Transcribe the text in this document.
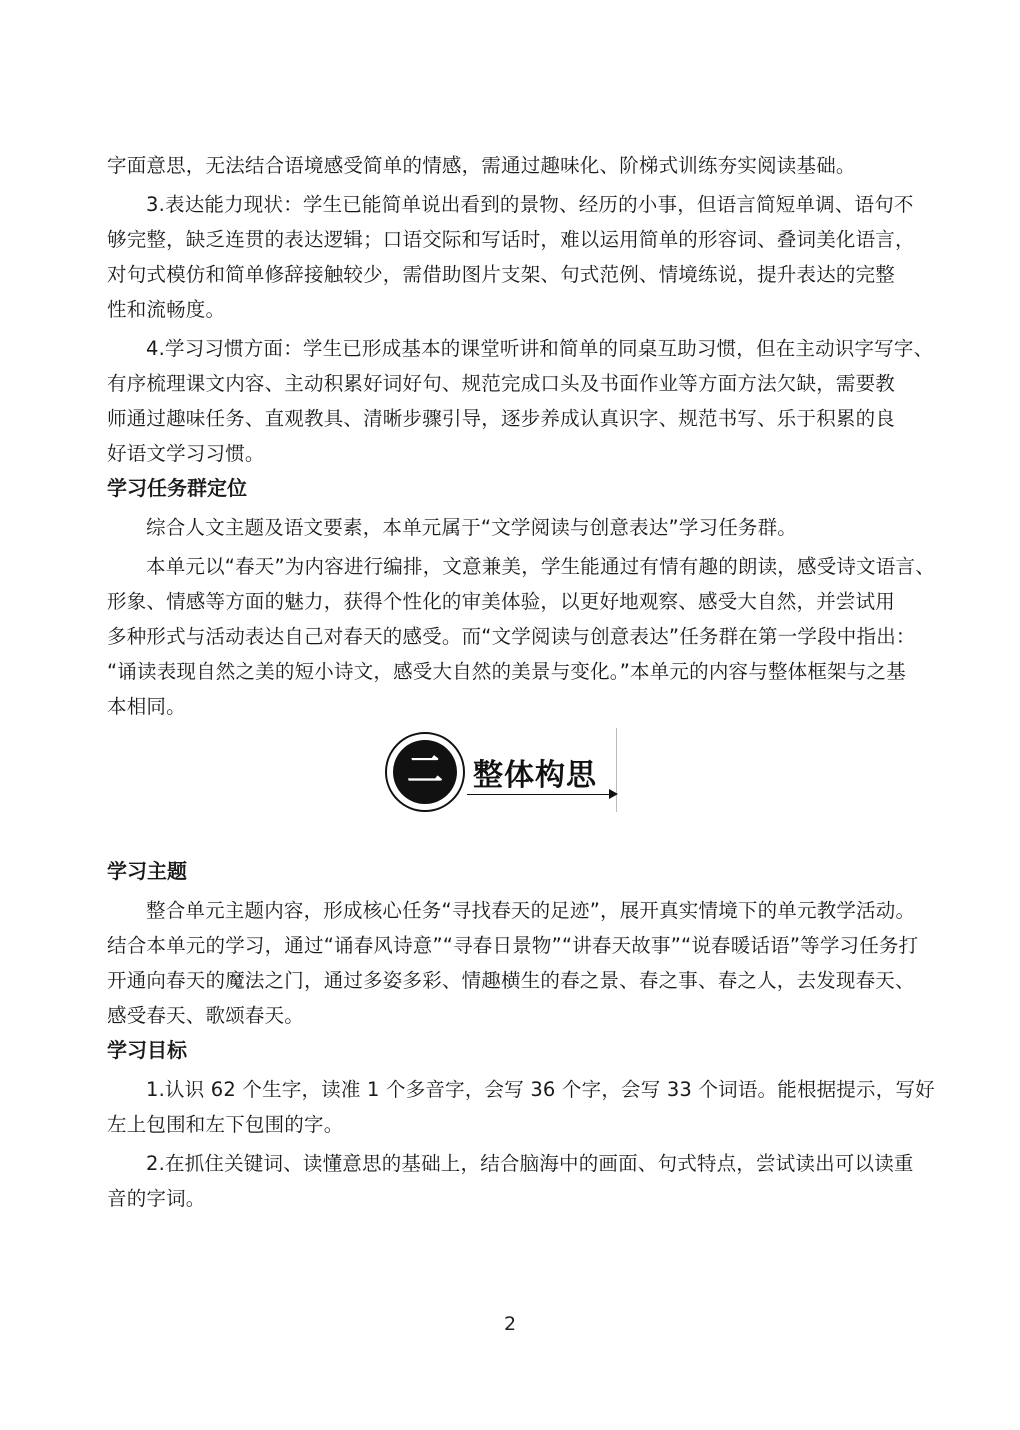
字面意思，无法结合语境感受简单的情感，需通过趣味化、阶梯式训练夯实阅读基础。
3.表达能力现状：学生已能简单说出看到的景物、经历的小事，但语言简短单调、语句不
够完整，缺乏连贯的表达逻辑；口语交际和写话时，难以运用简单的形容词、叠词美化语言，
对句式模仿和简单修辞接触较少，需借助图片支架、句式范例、情境练说，提升表达的完整
性和流畅度。
4.学习习惯方面：学生已形成基本的课堂听讲和简单的同桌互助习惯，但在主动识字写字、
有序梳理课文内容、主动积累好词好句、规范完成口头及书面作业等方面方法欠缺，需要教
师通过趣味任务、直观教具、清晰步骤引导，逐步养成认真识字、规范书写、乐于积累的良
好语文学习习惯。
学习任务群定位
综合人文主题及语文要素，本单元属于“文学阅读与创意表达”学习任务群。
本单元以“春天”为内容进行编排，文意兼美，学生能通过有情有趣的朗读，感受诗文语言、
形象、情感等方面的魅力，获得个性化的审美体验，以更好地观察、感受大自然，并尝试用
多种形式与活动表达自己对春天的感受。而“文学阅读与创意表达”任务群在第一学段中指出：
“诵读表现自然之美的短小诗文，感受大自然的美景与变化。”本单元的内容与整体框架与之基
本相同。
二	整体构思
学习主题
整合单元主题内容，形成核心任务“寻找春天的足迹”，展开真实情境下的单元教学活动。
结合本单元的学习，通过“诵春风诗意”“寻春日景物”“讲春天故事”“说春暖话语”等学习任务打
开通向春天的魔法之门，通过多姿多彩、情趣横生的春之景、春之事、春之人，去发现春天、
感受春天、歌颂春天。
学习目标
1.认识 62 个生字，读准 1 个多音字，会写 36 个字，会写 33 个词语。能根据提示，写好
左上包围和左下包围的字。
2.在抓住关键词、读懂意思的基础上，结合脑海中的画面、句式特点，尝试读出可以读重
音的字词。
2
